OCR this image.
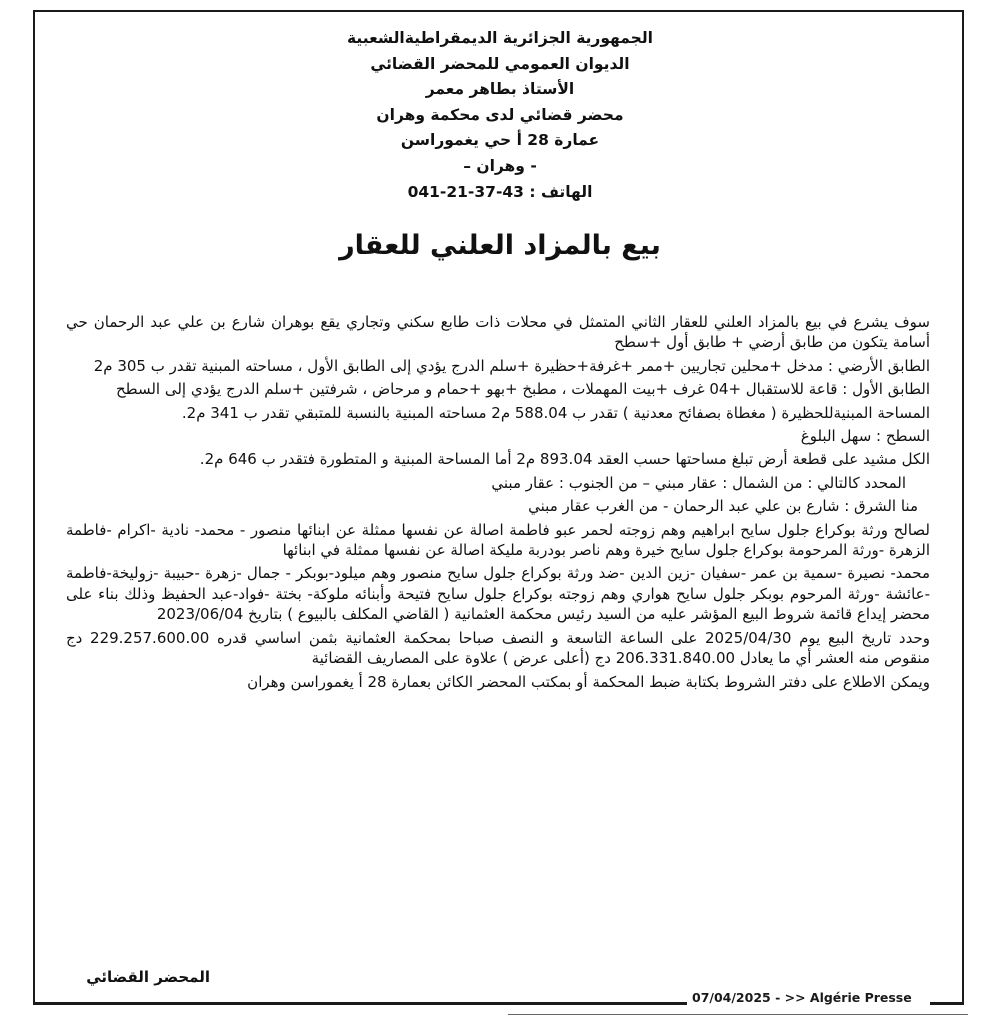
الجمهورية الجزائرية الديمقراطيةالشعبية
الديوان العمومي للمحضر القضائي
الأستاذ بطاهر معمر
محضر قضائي لدى محكمة وهران
عمارة 28 أ حي يغموراسن
- وهران –
الهاتف : 041-21-37-43
بيع بالمزاد العلني للعقار

سوف يشرع في بيع بالمزاد العلني للعقار الثاني المتمثل في محلات ذات طابع سكني وتجاري يقع بوهران شارع بن علي عبد الرحمان حي أسامة يتكون من طابق أرضي + طابق أول +سطح

الطابق الأرضي : مدخل +محلين تجاريين +ممر +غرفة+حظيرة +سلم الدرج يؤدي إلى الطابق الأول ، مساحته المبنية تقدر ب 305 م2

الطابق الأول : قاعة للاستقبال +04 غرف +بيت المهملات ، مطبخ +بهو +حمام و مرحاض ، شرفتين +سلم الدرج يؤدي إلى السطح

المساحة المبنيةللحظيرة ( مغطاة بصفائح معدنية ) تقدر ب 588.04 م2 مساحته المبنية بالنسبة للمتبقي تقدر ب 341 م2.

السطح : سهل البلوغ

الكل مشيد على قطعة أرض تبلغ مساحتها حسب العقد 893.04 م2 أما المساحة المبنية و المتطورة فتقدر ب 646 م2.

المحدد كالتالي : من الشمال : عقار مبني – من الجنوب : عقار مبني

منا الشرق : شارع بن علي عبد الرحمان - من الغرب عقار مبني

لصالح ورثة بوكراع جلول سايح ابراهيم وهم زوجته لحمر عبو فاطمة اصالة عن نفسها ممثلة عن ابنائها منصور - محمد- نادية -اكرام -فاطمة الزهرة -ورثة المرحومة بوكراع جلول سايح خيرة وهم ناصر بودربة مليكة اصالة عن نفسها ممثلة في ابنائها

محمد- نصيرة -سمية بن عمر -سفيان -زين الدين -ضد ورثة بوكراع جلول سايح منصور وهم ميلود-بوبكر - جمال -زهرة -حبيبة -زوليخة-فاطمة -عائشة -ورثة المرحوم بوبكر جلول سايح هواري وهم زوجته بوكراع جلول سايح فتيحة وأبنائه ملوكة- بختة -فواد-عبد الحفيظ وذلك بناء على محضر إيداع قائمة شروط البيع المؤشر عليه من السيد رئيس محكمة العثمانية ( القاضي المكلف بالبيوع ) بتاريخ 2023/06/04

وحدد تاريخ البيع يوم 2025/04/30 على الساعة التاسعة و النصف صباحا بمحكمة العثمانية بثمن اساسي قدره 229.257.600.00 دج منقوص منه العشر أي ما يعادل 206.331.840.00 دج (أعلى عرض ) علاوة على المصاريف القضائية

ويمكن الاطلاع على دفتر الشروط بكتابة ضبط المحكمة أو بمكتب المحضر الكائن بعمارة 28 أ يغموراسن وهران

المحضر القضائي
07/04/2025 - >> Algérie Presse
